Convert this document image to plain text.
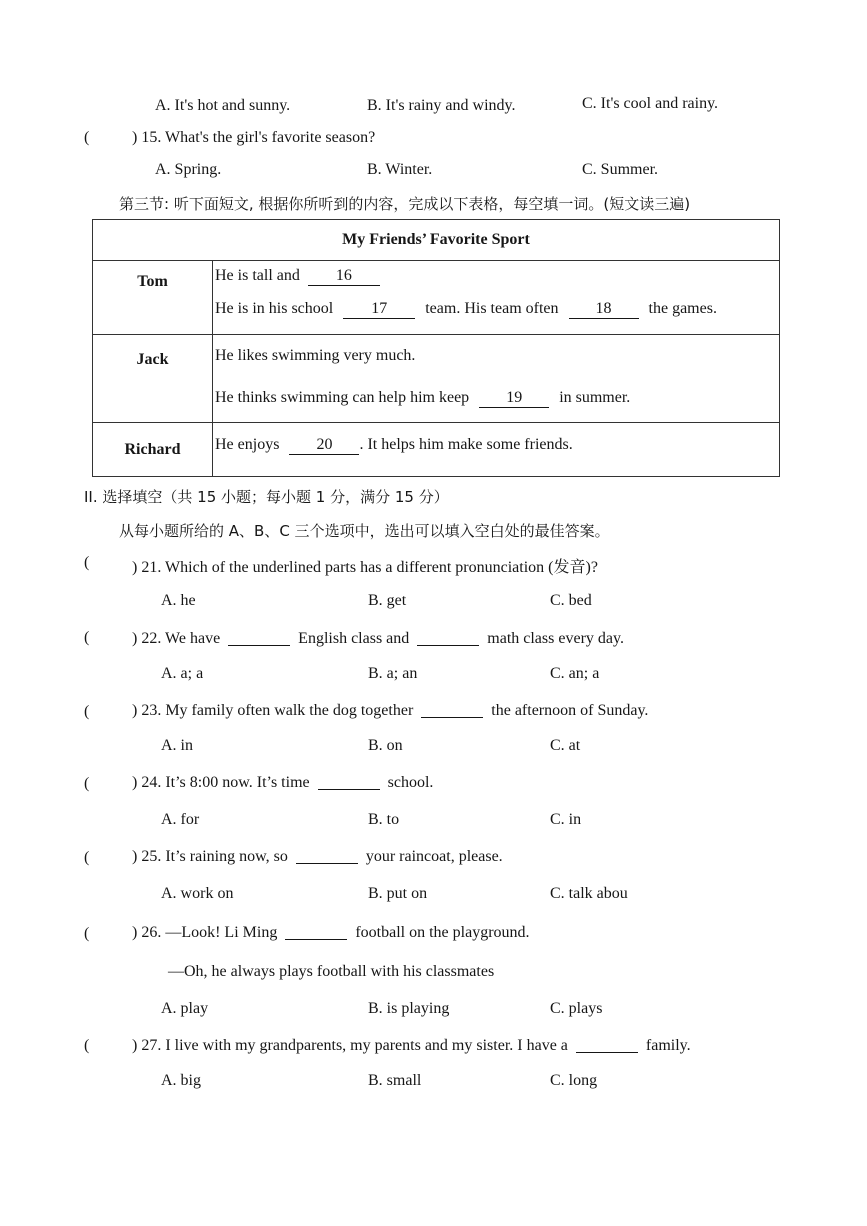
A. It's hot and sunny.	B. It's rainy and windy.	C. It's cool and rainy.
(	) 15. What's the girl's favorite season?
A. Spring.	B. Winter.	C. Summer.
第三节: 听下面短文, 根据你所听到的内容，完成以下表格，每空填一词。(短文读三遍)
My Friends’ Favorite Sport	
Tom	He is tall and 16
He is in his school 17 team. His team often 18 the games.

Jack	He likes swimming very much.
He thinks swimming can help him keep 19 in summer.

Richard	He enjoys 20 . It helps him make some friends.
II. 选择填空（共 15 小题；每小题 1 分，满分 15 分）
从每小题所给的 A、B、C 三个选项中，选出可以填入空白处的最佳答案。
(	) 21. Which of the underlined parts has a different pronunciation (发音)?
A. he	B. get	C. bed
(	) 22. We have	English class and	math class every day.
A. a; a	B. a; an	C. an; a
(	) 23. My family often walk the dog together	the afternoon of Sunday.
A. in	B. on	C. at
(	) 24. It’s 8:00 now. It’s time	school.
A. for	B. to	C. in
(	) 25. It’s raining now, so	your raincoat, please.
A. work on	B. put on	C. talk abou
(	) 26. —Look! Li Ming	football on the playground.
—Oh, he always plays football with his classmates
A. play	B. is playing	C. plays
(	) 27. I live with my grandparents, my parents and my sister. I have a	family.
A. big	B. small	C. long
